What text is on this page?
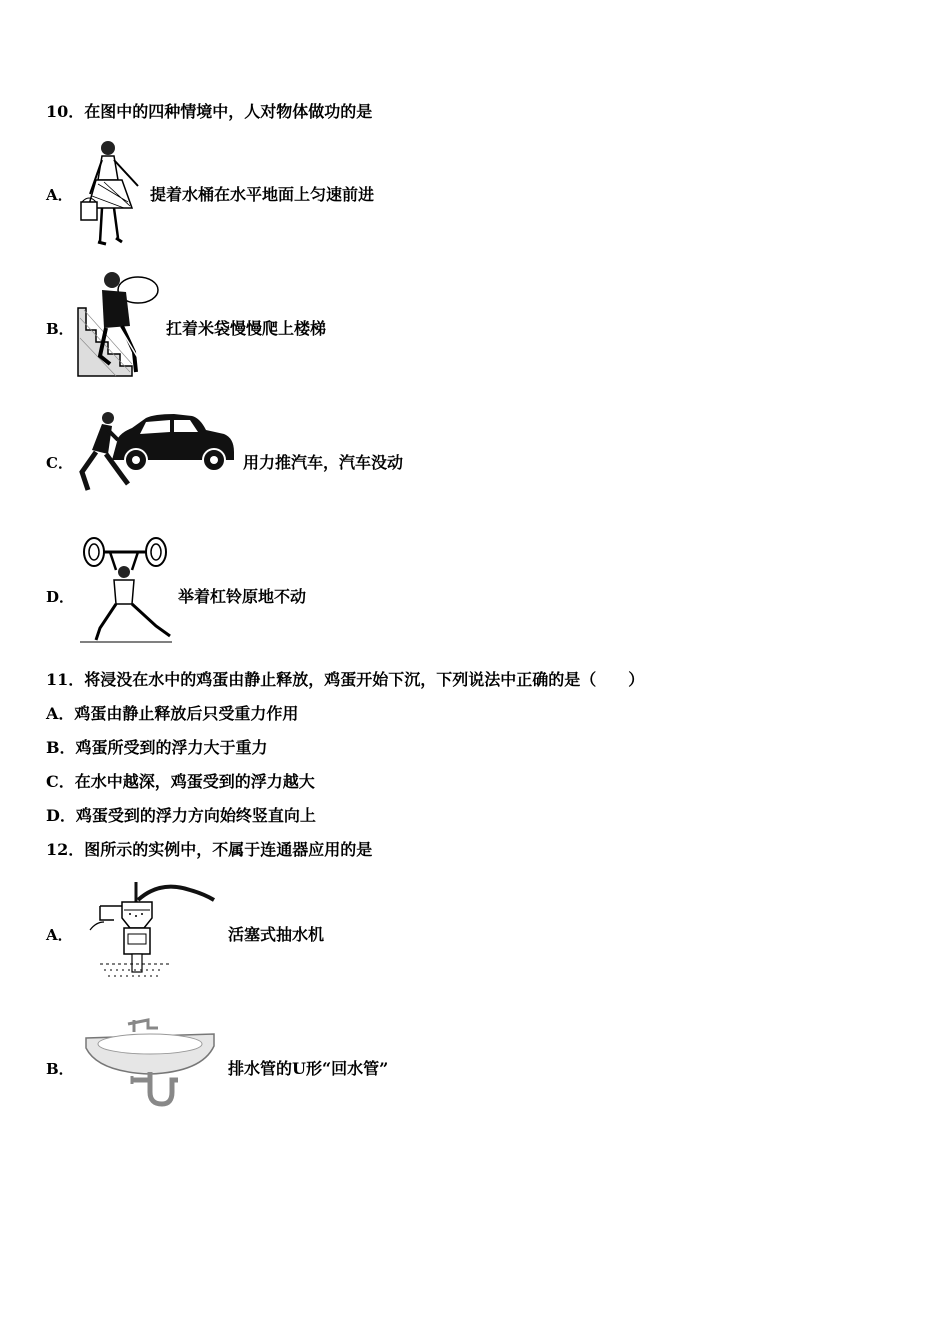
10．在图中的四种情境中，人对物体做功的是
A．	提着水桶在水平地面上匀速前进
B．	扛着米袋慢慢爬上楼梯
C．	用力推汽车，汽车没动
D．	举着杠铃原地不动
11．将浸没在水中的鸡蛋由静止释放，鸡蛋开始下沉，下列说法中正确的是（　　）
A．鸡蛋由静止释放后只受重力作用
B．鸡蛋所受到的浮力大于重力
C．在水中越深，鸡蛋受到的浮力越大
D．鸡蛋受到的浮力方向始终竖直向上
12．图所示的实例中，不属于连通器应用的是
A．	活塞式抽水机
B．	排水管的U形“回水管”
